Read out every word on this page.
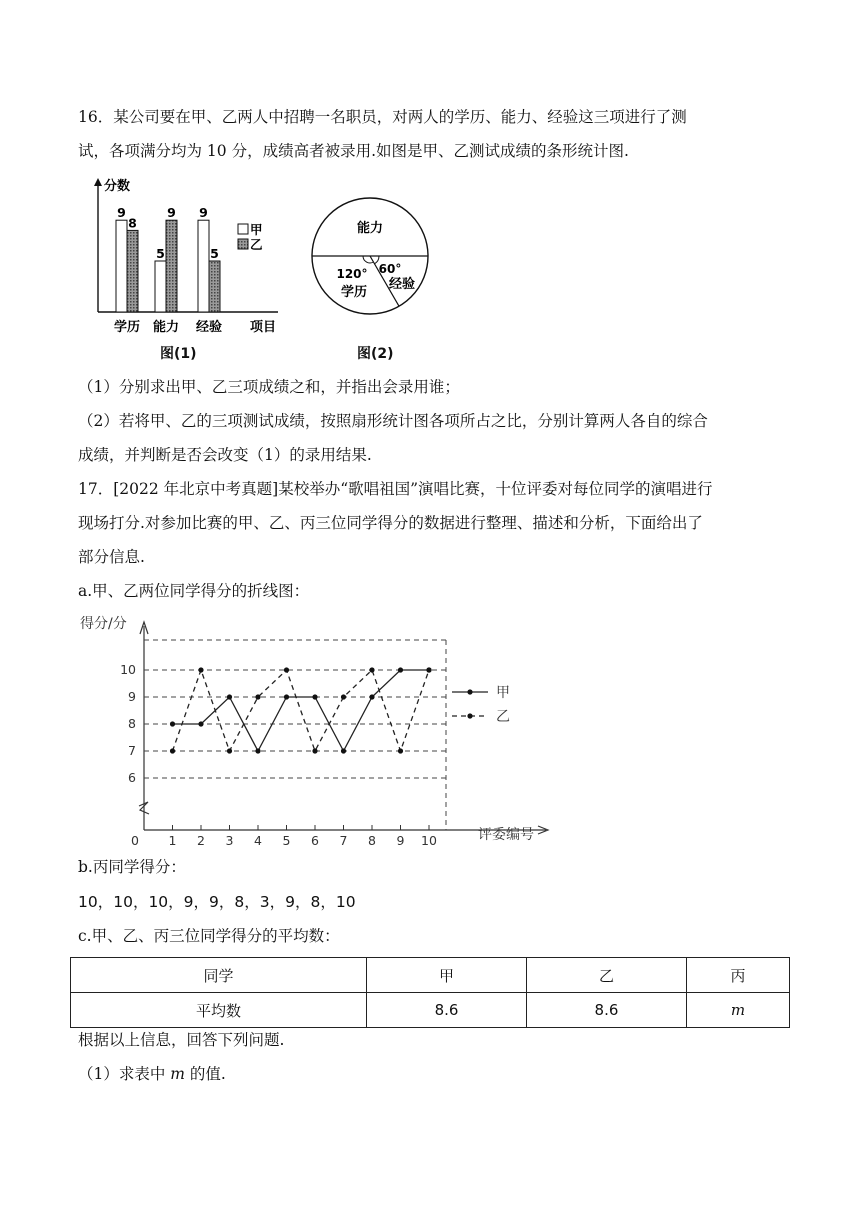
16．某公司要在甲、乙两人中招聘一名职员，对两人的学历、能力、经验这三项进行了测

试，各项满分均为 10 分，成绩高者被录用.如图是甲、乙测试成绩的条形统计图.

分数
9
8
学历
5
9
能力
9
5
经验 项目
甲
乙
图(1)
能力
120°
学历
60°
经验
图(2)

（1）分别求出甲、乙三项成绩之和，并指出会录用谁；

（2）若将甲、乙的三项测试成绩，按照扇形统计图各项所占之比，分别计算两人各自的综合

成绩，并判断是否会改变（1）的录用结果.

17．[2022 年北京中考真题]某校举办“歌唱祖国”演唱比赛，十位评委对每位同学的演唱进行

现场打分.对参加比赛的甲、乙、丙三位同学得分的数据进行整理、描述和分析，下面给出了

部分信息.

a.甲、乙两位同学得分的折线图：

得分/分
评委编号
6
7
8
9
10
0 1 2 3 4 5 6 7 8 9 10
甲
乙

b.丙同学得分：

10，10，10，9，9，8，3，9，8，10

c.甲、乙、丙三位同学得分的平均数：

同学	甲	乙	丙
平均数	8.6	8.6	m

根据以上信息，回答下列问题.

（1）求表中 m 的值.
